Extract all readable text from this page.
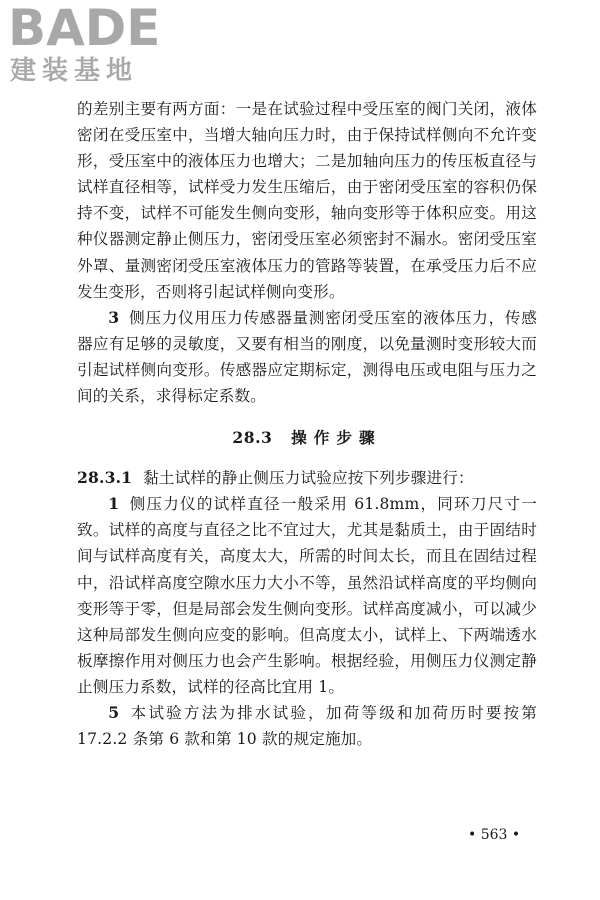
BADE
建装基地

的差别主要有两方面：一是在试验过程中受压室的阀门关闭，液体密闭在受压室中，当增大轴向压力时，由于保持试样侧向不允许变形，受压室中的液体压力也增大；二是加轴向压力的传压板直径与试样直径相等，试样受力发生压缩后，由于密闭受压室的容积仍保持不变，试样不可能发生侧向变形，轴向变形等于体积应变。用这种仪器测定静止侧压力，密闭受压室必须密封不漏水。密闭受压室外罩、量测密闭受压室液体压力的管路等装置，在承受压力后不应发生变形，否则将引起试样侧向变形。

3 侧压力仪用压力传感器量测密闭受压室的液体压力，传感器应有足够的灵敏度，又要有相当的刚度，以免量测时变形较大而引起试样侧向变形。传感器应定期标定，测得电压或电阻与压力之间的关系，求得标定系数。

28.3 操作步骤

28.3.1 黏土试样的静止侧压力试验应按下列步骤进行：

1 侧压力仪的试样直径一般采用 61.8mm，同环刀尺寸一致。试样的高度与直径之比不宜过大，尤其是黏质土，由于固结时间与试样高度有关，高度太大，所需的时间太长，而且在固结过程中，沿试样高度空隙水压力大小不等，虽然沿试样高度的平均侧向变形等于零，但是局部会发生侧向变形。试样高度减小，可以减少这种局部发生侧向应变的影响。但高度太小，试样上、下两端透水板摩擦作用对侧压力也会产生影响。根据经验，用侧压力仪测定静止侧压力系数，试样的径高比宜用 1。

5 本试验方法为排水试验，加荷等级和加荷历时要按第 17.2.2 条第 6 款和第 10 款的规定施加。

• 563 •
